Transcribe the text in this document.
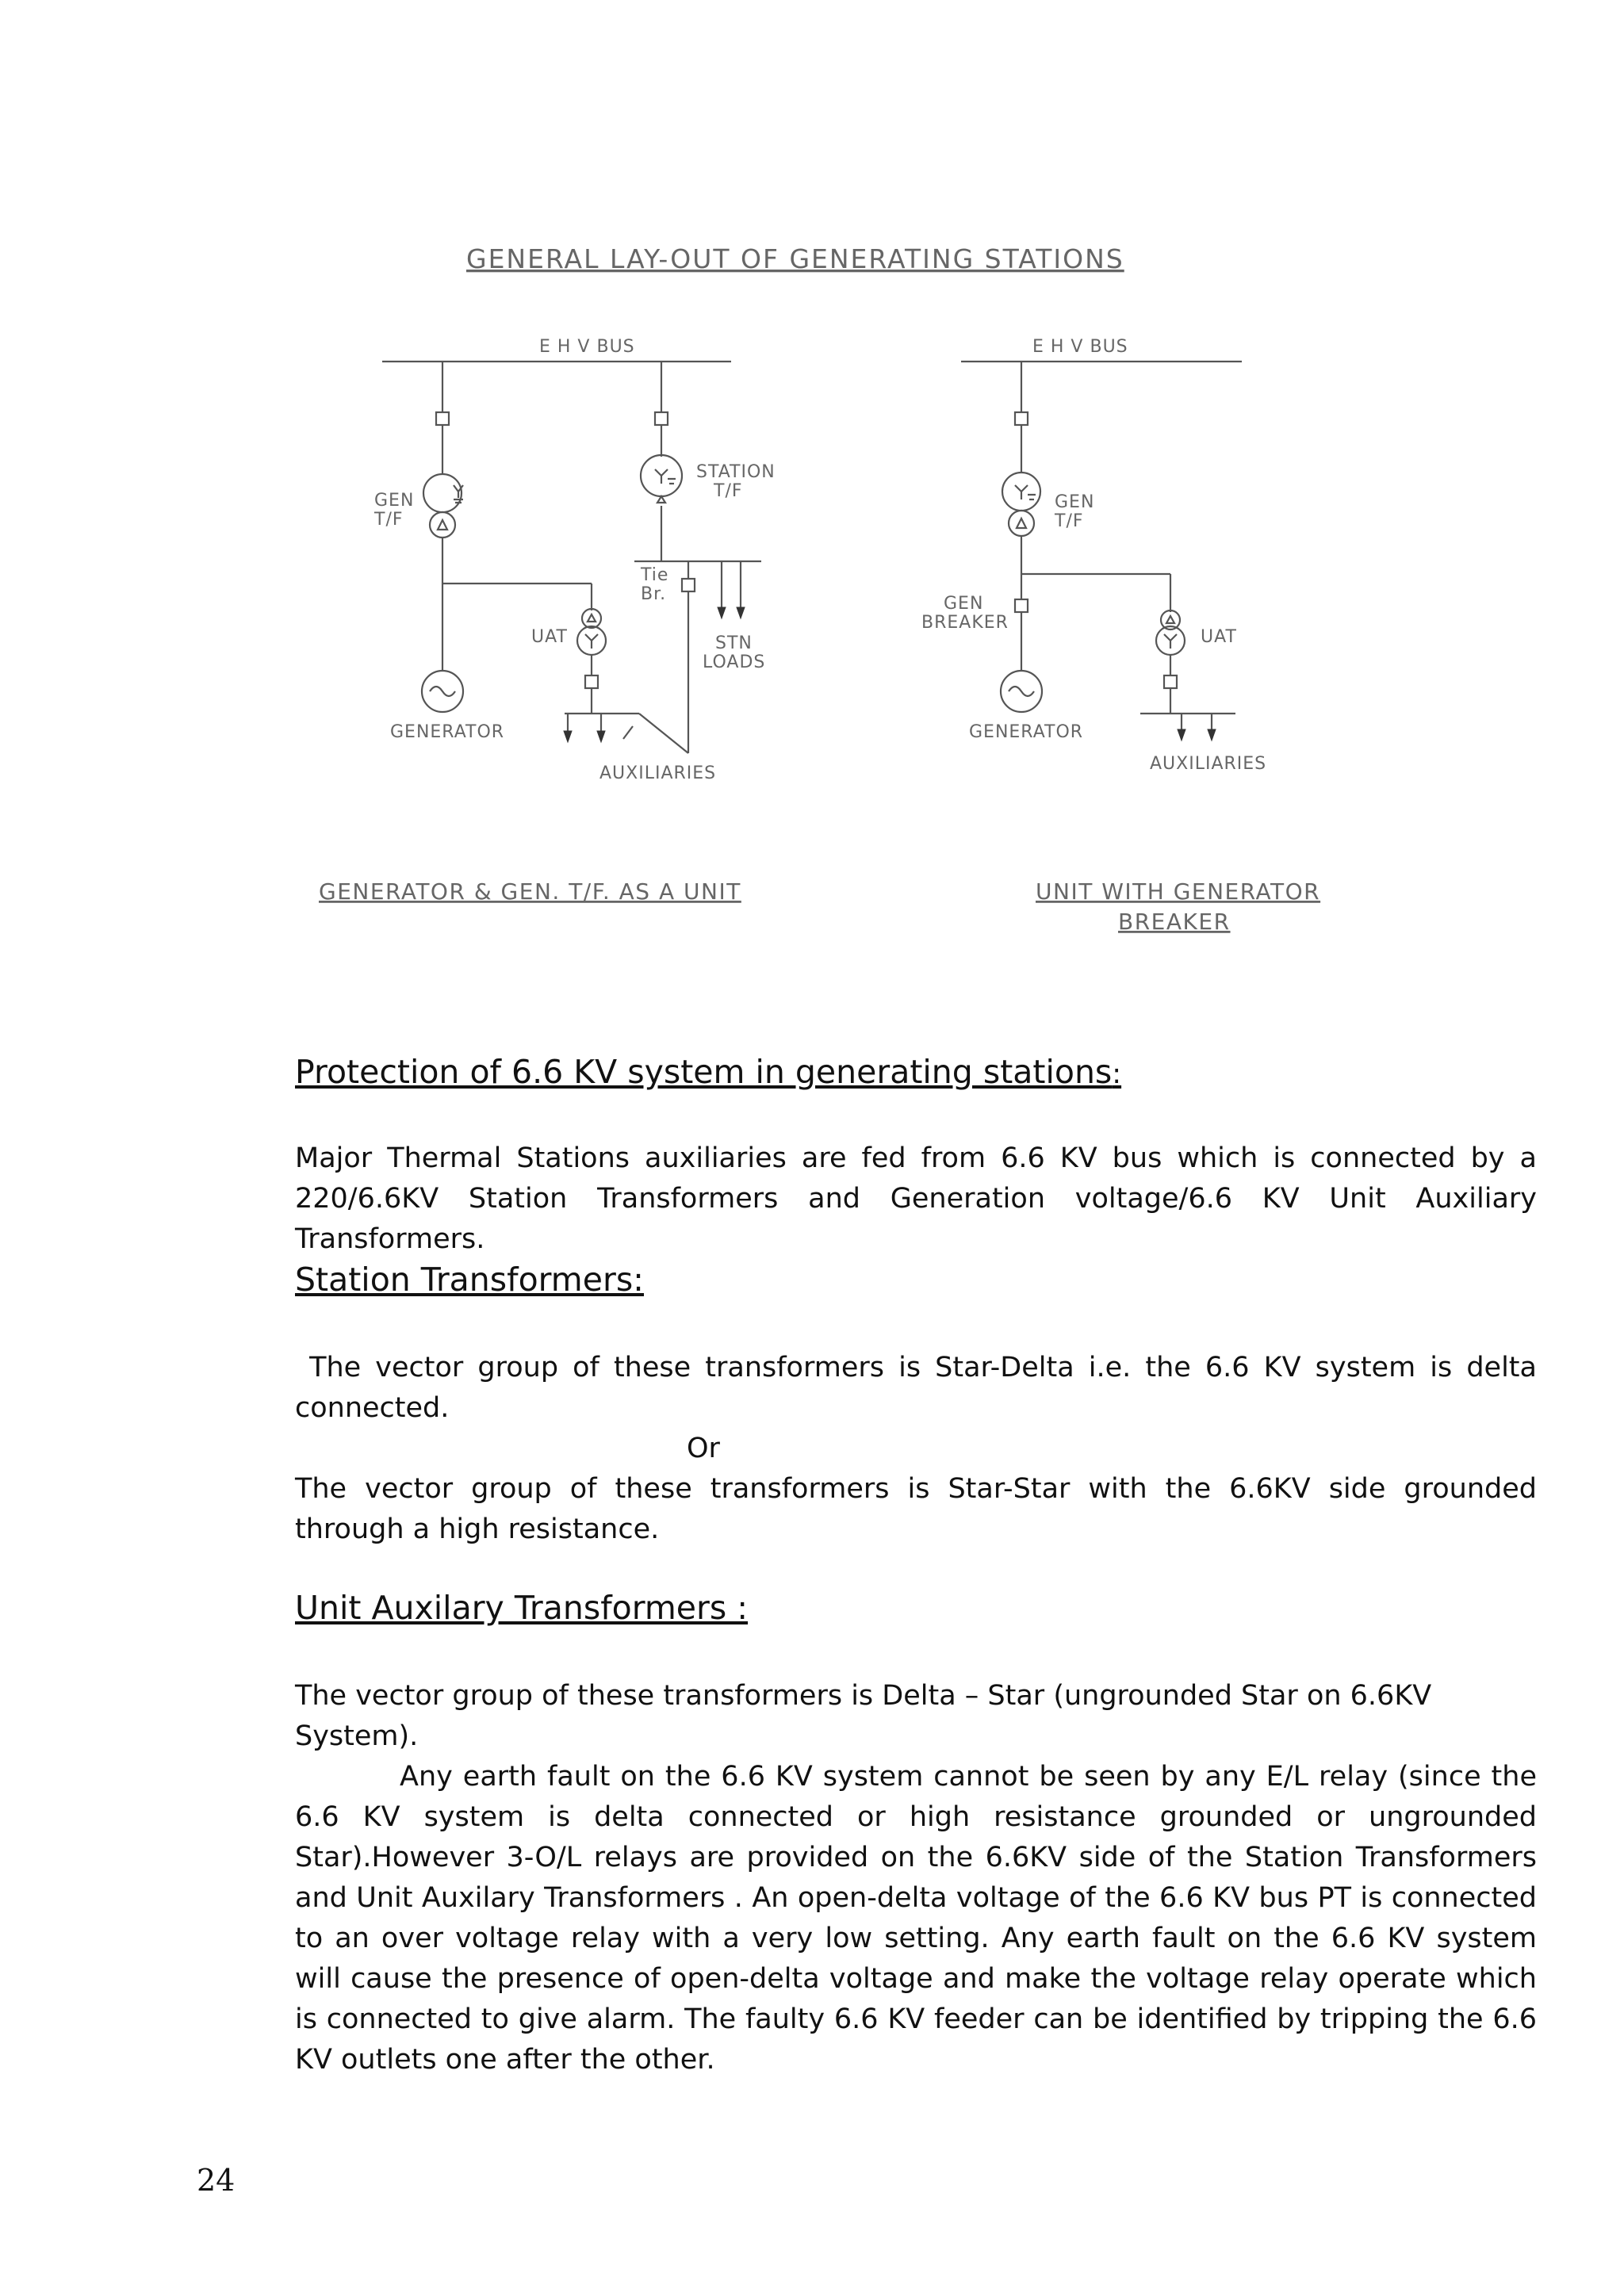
GENERAL LAY-OUT OF GENERATING STATIONS
E H V BUS
GEN
T/F
GENERATOR
UAT
AUXILIARIES
STATION
T/F
Tie
Br.
STN
LOADS
GENERATOR & GEN. T/F. AS A UNIT
E H V BUS
GEN
T/F
GEN
BREAKER
GENERATOR
UAT
AUXILIARIES
UNIT WITH GENERATOR
BREAKER
Protection of 6.6 KV system in generating stations:

Major Thermal Stations auxiliaries are fed from 6.6 KV bus which is connected by a 220/6.6KV Station Transformers and Generation voltage/6.6 KV Unit Auxiliary Transformers.

Station Transformers:

The vector group of these transformers is Star-Delta i.e. the 6.6 KV system is delta connected.

Or

The vector group of these transformers is Star-Star with the 6.6KV side grounded through a high resistance.

Unit Auxilary Transformers :

The vector group of these transformers is Delta – Star (ungrounded Star on 6.6KV System).

Any earth fault on the 6.6 KV system cannot be seen by any E/L relay (since the 6.6 KV system is delta connected or high resistance grounded or ungrounded Star).However 3-O/L relays are provided on the 6.6KV side of the Station Transformers and Unit Auxilary Transformers . An open-delta voltage of the 6.6 KV bus PT is connected to an over voltage relay with a very low setting. Any earth fault on the 6.6 KV system will cause the presence of open-delta voltage and make the voltage relay operate which is connected to give alarm. The faulty 6.6 KV feeder can be identified by tripping the 6.6 KV outlets one after the other.

24
